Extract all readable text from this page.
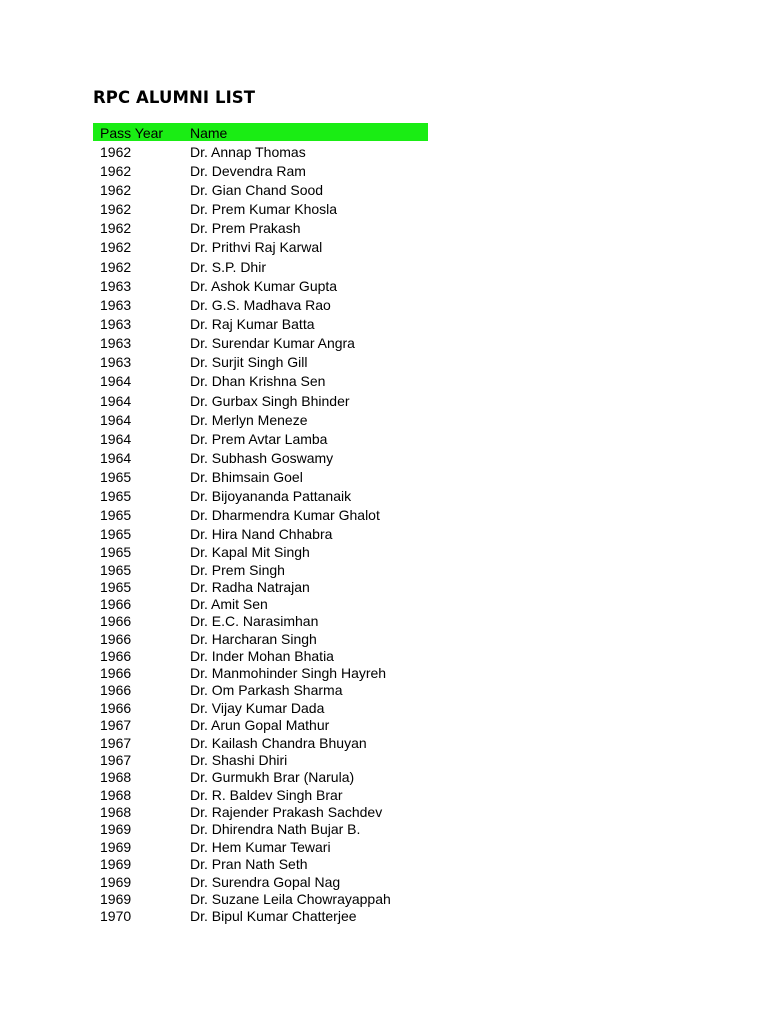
RPC ALUMNI LIST
Pass Year Name
1962	Dr. Annap Thomas
1962	Dr. Devendra Ram
1962	Dr. Gian Chand Sood
1962	Dr. Prem Kumar Khosla
1962	Dr. Prem Prakash
1962	Dr. Prithvi Raj Karwal
1962	Dr. S.P. Dhir
1963	Dr. Ashok Kumar Gupta
1963	Dr. G.S. Madhava Rao
1963	Dr. Raj Kumar Batta
1963	Dr. Surendar Kumar Angra
1963	Dr. Surjit Singh Gill
1964	Dr. Dhan Krishna Sen
1964	Dr. Gurbax Singh Bhinder
1964	Dr. Merlyn Meneze
1964	Dr. Prem Avtar Lamba
1964	Dr. Subhash Goswamy
1965	Dr. Bhimsain Goel
1965	Dr. Bijoyananda Pattanaik
1965	Dr. Dharmendra Kumar Ghalot
1965	Dr. Hira Nand Chhabra
1965	Dr. Kapal Mit Singh
1965	Dr. Prem Singh
1965	Dr. Radha Natrajan
1966	Dr. Amit Sen
1966	Dr. E.C. Narasimhan
1966	Dr. Harcharan Singh
1966	Dr. Inder Mohan Bhatia
1966	Dr. Manmohinder Singh Hayreh
1966	Dr. Om Parkash Sharma
1966	Dr. Vijay Kumar Dada
1967	Dr. Arun Gopal Mathur
1967	Dr. Kailash Chandra Bhuyan
1967	Dr. Shashi Dhiri
1968	Dr. Gurmukh Brar (Narula)
1968	Dr. R. Baldev Singh Brar
1968	Dr. Rajender Prakash Sachdev
1969	Dr. Dhirendra Nath Bujar B.
1969	Dr. Hem Kumar Tewari
1969	Dr. Pran Nath Seth
1969	Dr. Surendra Gopal Nag
1969	Dr. Suzane Leila Chowrayappah
1970	Dr. Bipul Kumar Chatterjee
